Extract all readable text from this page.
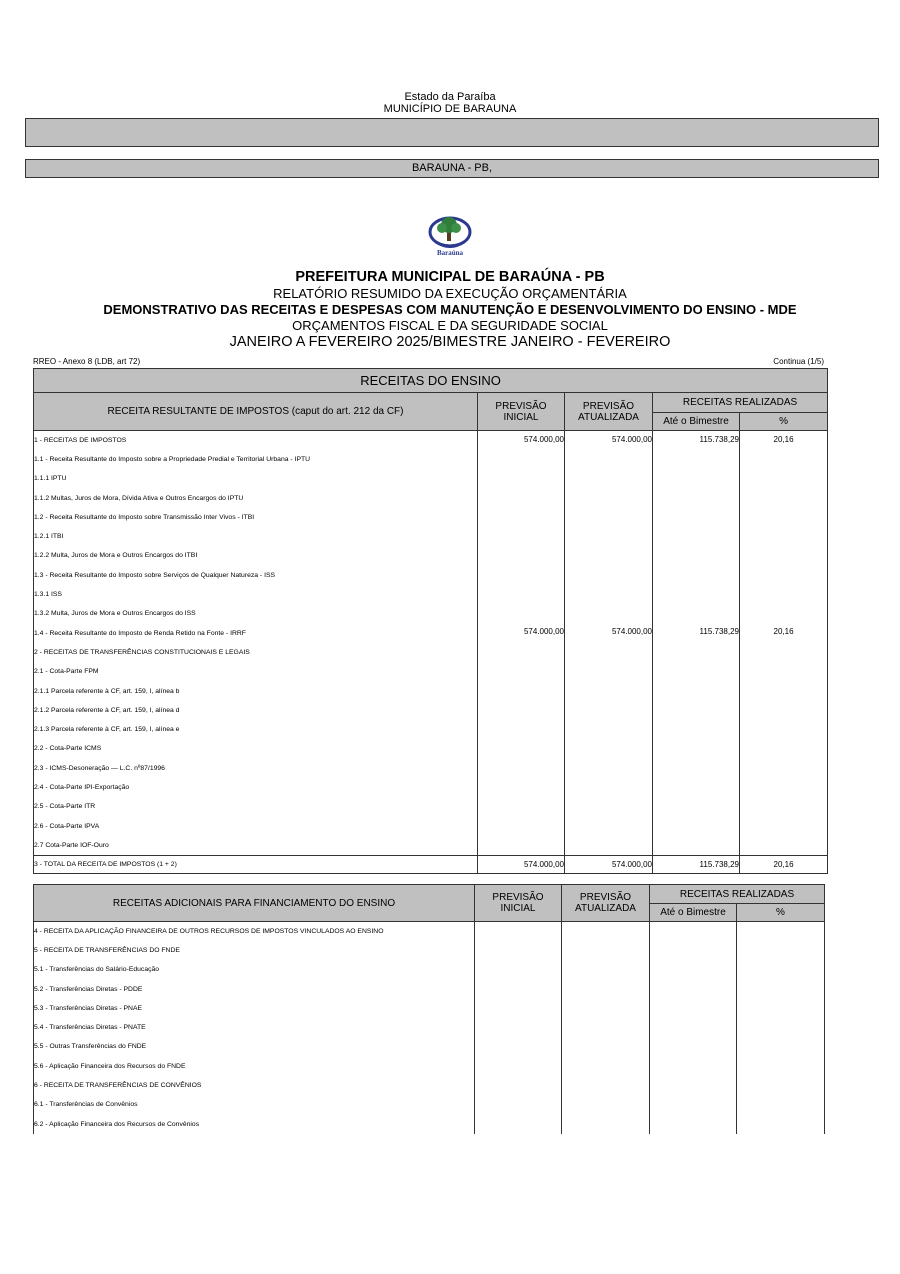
Estado da Paraíba
MUNICÍPIO DE BARAUNA
BARAUNA - PB,
Baraúna
PREFEITURA MUNICIPAL DE BARAÚNA - PB
RELATÓRIO RESUMIDO DA EXECUÇÃO ORÇAMENTÁRIA
DEMONSTRATIVO DAS RECEITAS E DESPESAS COM MANUTENÇÃO E DESENVOLVIMENTO DO ENSINO - MDE
ORÇAMENTOS FISCAL E DA SEGURIDADE SOCIAL
JANEIRO A FEVEREIRO 2025/BIMESTRE JANEIRO - FEVEREIRO
RREO - Anexo 8 (LDB, art 72)	Continua (1/5)
RECEITAS DO ENSINO				
RECEITA RESULTANTE DE IMPOSTOS (caput do art. 212 da CF)	PREVISÃO INICIAL	PREVISÃO ATUALIZADA	RECEITAS REALIZADAS	
			Até o Bimestre	%
1 - RECEITAS DE IMPOSTOS	574.000,00	574.000,00	115.738,29	20,16

1.1 - Receita Resultante do Imposto sobre a Propriedade Predial e Territorial Urbana - IPTU	

1.1.1 IPTU	

1.1.2 Multas, Juros de Mora, Dívida Ativa e Outros Encargos do IPTU	

1.2 - Receita Resultante do Imposto sobre Transmissão Inter Vivos - ITBI	

1.2.1 ITBI	

1.2.2 Multa, Juros de Mora e Outros Encargos do ITBI	

1.3 - Receita Resultante do Imposto sobre Serviços de Qualquer Natureza - ISS	

1.3.1 ISS	

1.3.2 Multa, Juros de Mora e Outros Encargos do ISS	

1.4 - Receita Resultante do Imposto de Renda Retido na Fonte - IRRF	574.000,00	574.000,00	115.738,29	20,16

2 - RECEITAS DE TRANSFERÊNCIAS CONSTITUCIONAIS E LEGAIS	

2.1 - Cota-Parte FPM	

2.1.1 Parcela referente à CF, art. 159, I, alínea b	

2.1.2 Parcela referente à CF, art. 159, I, alínea d	

2.1.3 Parcela referente à CF, art. 159, I, alínea e	

2.2 - Cota-Parte ICMS	

2.3 - ICMS-Desoneração — L.C. nº87/1996	

2.4 - Cota-Parte IPI-Exportação	

2.5 - Cota-Parte ITR	

2.6 - Cota-Parte IPVA	

2.7 Cota-Parte IOF-Ouro	

3 - TOTAL DA RECEITA DE IMPOSTOS (1 + 2)	574.000,00	574.000,00	115.738,29	20,16
RECEITAS ADICIONAIS PARA FINANCIAMENTO DO ENSINO	PREVISÃO INICIAL	PREVISÃO ATUALIZADA	RECEITAS REALIZADAS	
			Até o Bimestre	%
4 - RECEITA DA APLICAÇÃO FINANCEIRA DE OUTROS RECURSOS DE IMPOSTOS VINCULADOS AO ENSINO	

5 - RECEITA DE TRANSFERÊNCIAS DO FNDE	

5.1 - Transferências do Salário-Educação	

5.2 - Transferências Diretas - PDDE	

5.3 - Transferências Diretas - PNAE	

5.4 - Transferências Diretas - PNATE	

5.5 - Outras Transferências do FNDE	

5.6 - Aplicação Financeira dos Recursos do FNDE	

6 - RECEITA DE TRANSFERÊNCIAS DE CONVÊNIOS	

6.1 - Transferências de Convênios	

6.2 - Aplicação Financeira dos Recursos de Convênios	
